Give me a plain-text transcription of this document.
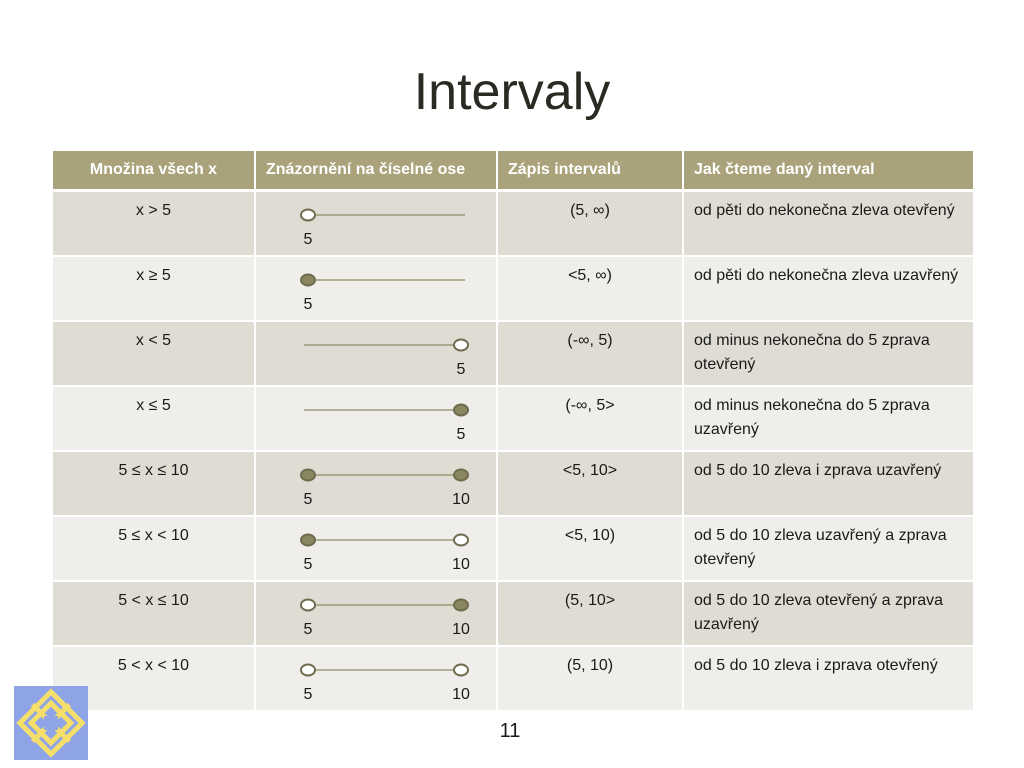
Intervaly
Množina všech x	Znázornění na číselné ose	Zápis intervalů	Jak čteme daný interval
x > 5	5	(5, ∞)	od pěti do nekonečna zleva otevřený
x ≥ 5	5	<5, ∞)	od pěti do nekonečna zleva uzavřený
x < 5	5	(-∞, 5)	od minus nekonečna do 5 zprava otevřený
x ≤ 5	5	(-∞, 5>	od minus nekonečna do 5 zprava uzavřený
5 ≤ x ≤ 10	5 10	<5, 10>	od 5 do 10 zleva i zprava uzavřený
5 ≤ x < 10	5 10	<5, 10)	od 5 do 10 zleva uzavřený a zprava otevřený
5 < x ≤ 10	5 10	(5, 10>	od 5 do 10 zleva otevřený a zprava uzavřený
5 < x < 10	5 10	(5, 10)	od 5 do 10 zleva i zprava otevřený
11
